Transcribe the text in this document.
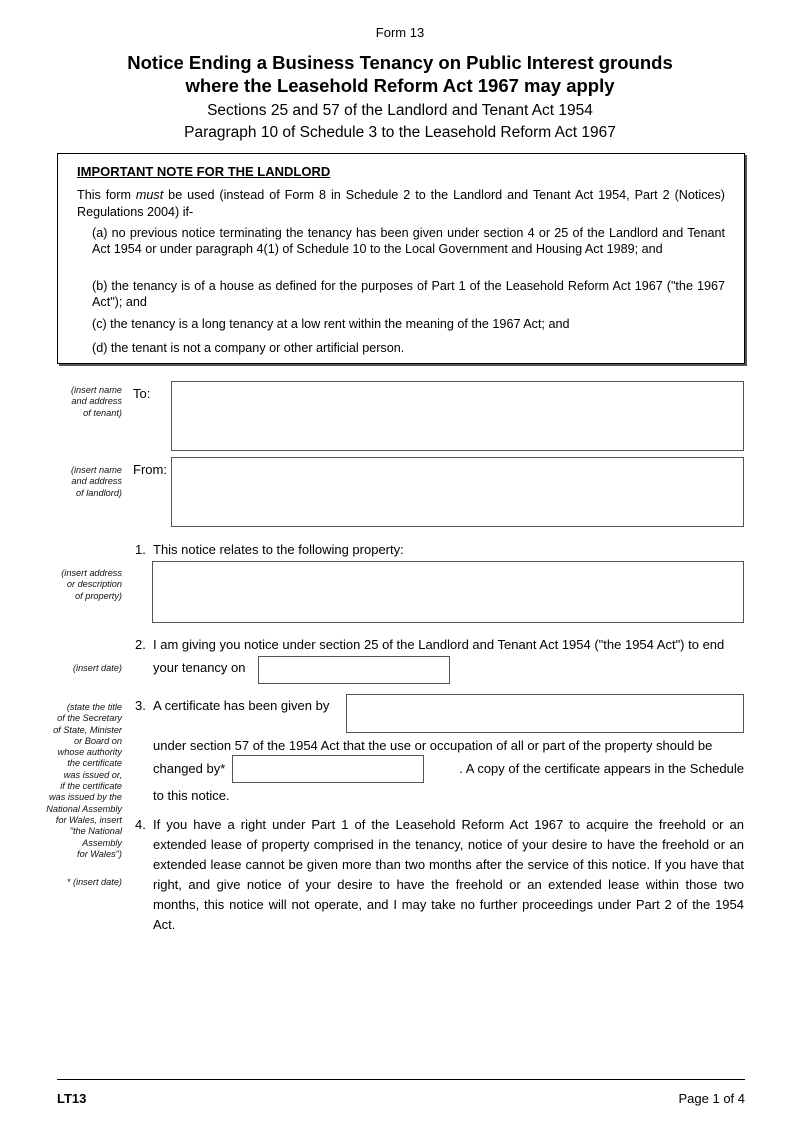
Form 13
Notice Ending a Business Tenancy on Public Interest grounds
where the Leasehold Reform Act 1967 may apply
Sections 25 and 57 of the Landlord and Tenant Act 1954
Paragraph 10 of Schedule 3 to the Leasehold Reform Act 1967
IMPORTANT NOTE FOR THE LANDLORD
This form must be used (instead of Form 8 in Schedule 2 to the Landlord and Tenant Act 1954, Part 2 (Notices) Regulations 2004) if-
(a) no previous notice terminating the tenancy has been given under section 4 or 25 of the Landlord and Tenant Act 1954 or under paragraph 4(1) of Schedule 10 to the Local Government and Housing Act 1989; and
(b) the tenancy is of a house as defined for the purposes of Part 1 of the Leasehold Reform Act 1967 ("the 1967 Act"); and
(c) the tenancy is a long tenancy at a low rent within the meaning of the 1967 Act; and
(d) the tenant is not a company or other artificial person.
(insert name
and address
of tenant)
To:
(insert name
and address
of landlord)
From:
1. This notice relates to the following property:
(insert address
or description
of property)
2. I am giving you notice under section 25 of the Landlord and Tenant Act 1954 ("the 1954 Act") to end
(insert date) your tenancy on
(state the title
of the Secretary
of State, Minister
or Board on
whose authority
the certificate
was issued or,
if the certificate
was issued by the
National Assembly
for Wales, insert
"the National
Assembly
for Wales")
3. A certificate has been given by
under section 57 of the 1954 Act that the use or occupation of all or part of the property should be
changed by*	. A copy of the certificate appears in the Schedule
to this notice.
* (insert date)
4. If you have a right under Part 1 of the Leasehold Reform Act 1967 to acquire the freehold or an extended lease of property comprised in the tenancy, notice of your desire to have the freehold or an extended lease cannot be given more than two months after the service of this notice. If you have that right, and give notice of your desire to have the freehold or an extended lease within those two months, this notice will not operate, and I may take no further proceedings under Part 2 of the 1954 Act.
LT13	Page 1 of 4
